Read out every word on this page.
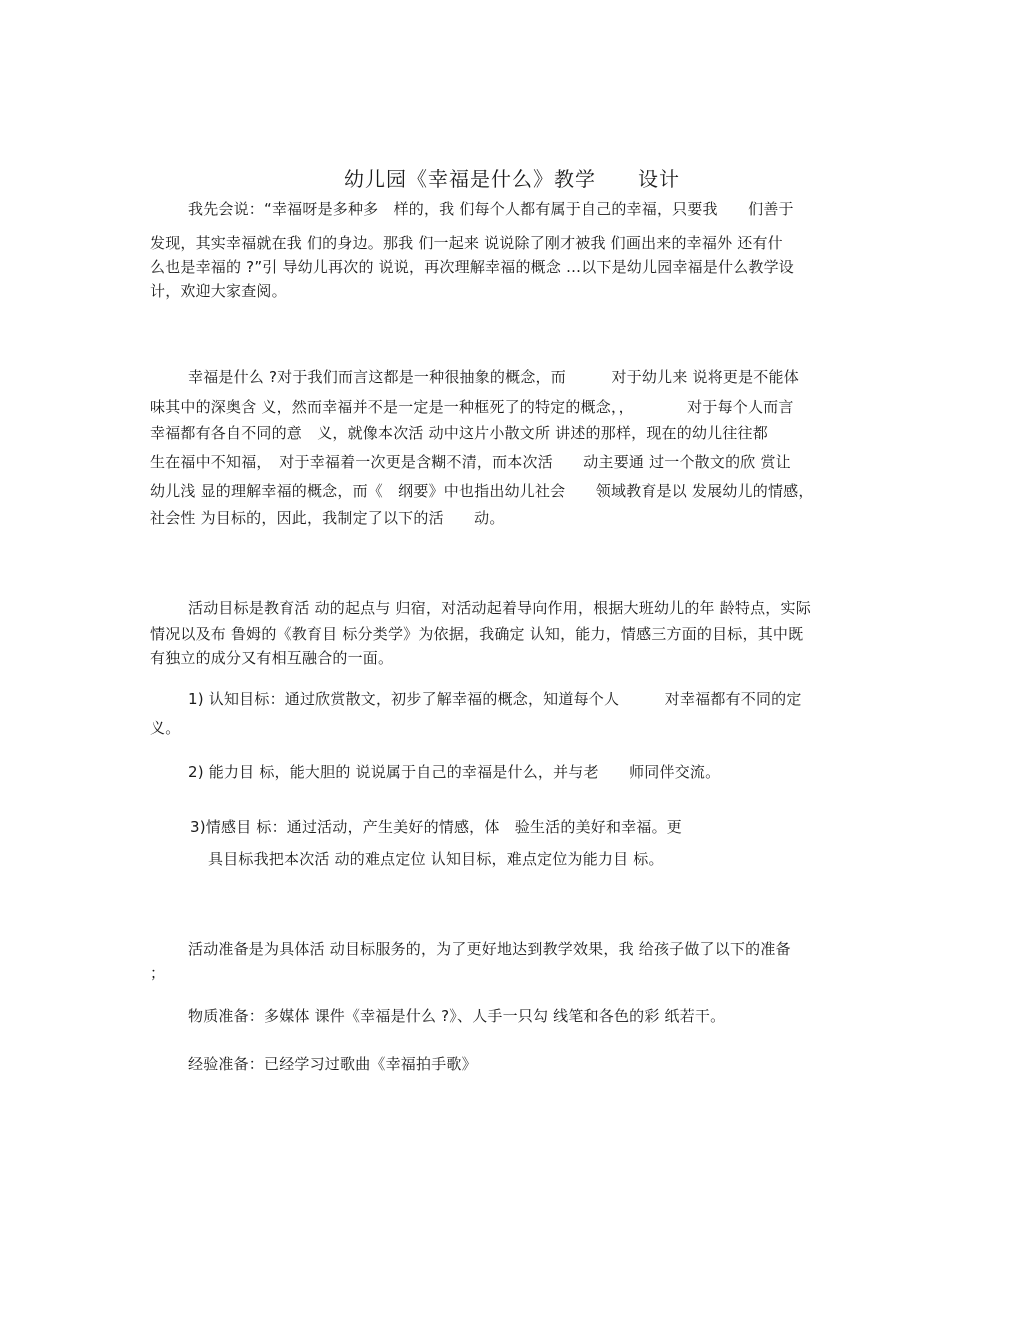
幼儿园《幸福是什么》教学　　设计
我先会说：“幸福呀是多种多　样的，我 们每个人都有属于自己的幸福，只要我　　们善于
发现，其实幸福就在我 们的身边。那我 们一起来 说说除了刚才被我 们画出来的幸福外 还有什
么也是幸福的 ?”引 导幼儿再次的 说说，再次理解幸福的概念 …以下是幼儿园幸福是什么教学设
计，欢迎大家查阅。
幸福是什么 ?对于我们而言这都是一种很抽象的概念，而　　　对于幼儿来 说将更是不能体
味其中的深奥含 义，然而幸福并不是一定是一种框死了的特定的概念，，　　　　对于每个人而言
幸福都有各自不同的意　义，就像本次活 动中这片小散文所 讲述的那样，现在的幼儿往往都
生在福中不知福，　对于幸福着一次更是含糊不清，而本次活　　动主要通 过一个散文的欣 赏让
幼儿浅 显的理解幸福的概念，而《　纲要》中也指出幼儿社会　　领域教育是以 发展幼儿的情感，
社会性 为目标的，因此，我制定了以下的活　　动。
活动目标是教育活 动的起点与 归宿，对活动起着导向作用，根据大班幼儿的年 龄特点，实际
情况以及布 鲁姆的《教育目 标分类学》为依据，我确定 认知，能力，情感三方面的目标，其中既
有独立的成分又有相互融合的一面。
1) 认知目标：通过欣赏散文，初步了解幸福的概念，知道每个人　　　对幸福都有不同的定
义。
2) 能力目 标，能大胆的 说说属于自己的幸福是什么，并与老　　师同伴交流。
3)情感目 标：通过活动，产生美好的情感，体　验生活的美好和幸福。更
具目标我把本次活 动的难点定位 认知目标，难点定位为能力目 标。
活动准备是为具体活 动目标服务的，为了更好地达到教学效果，我 给孩子做了以下的准备
；
物质准备：多媒体 课件《幸福是什么 ?》、人手一只勾 线笔和各色的彩 纸若干。
经验准备：已经学习过歌曲《幸福拍手歌》
